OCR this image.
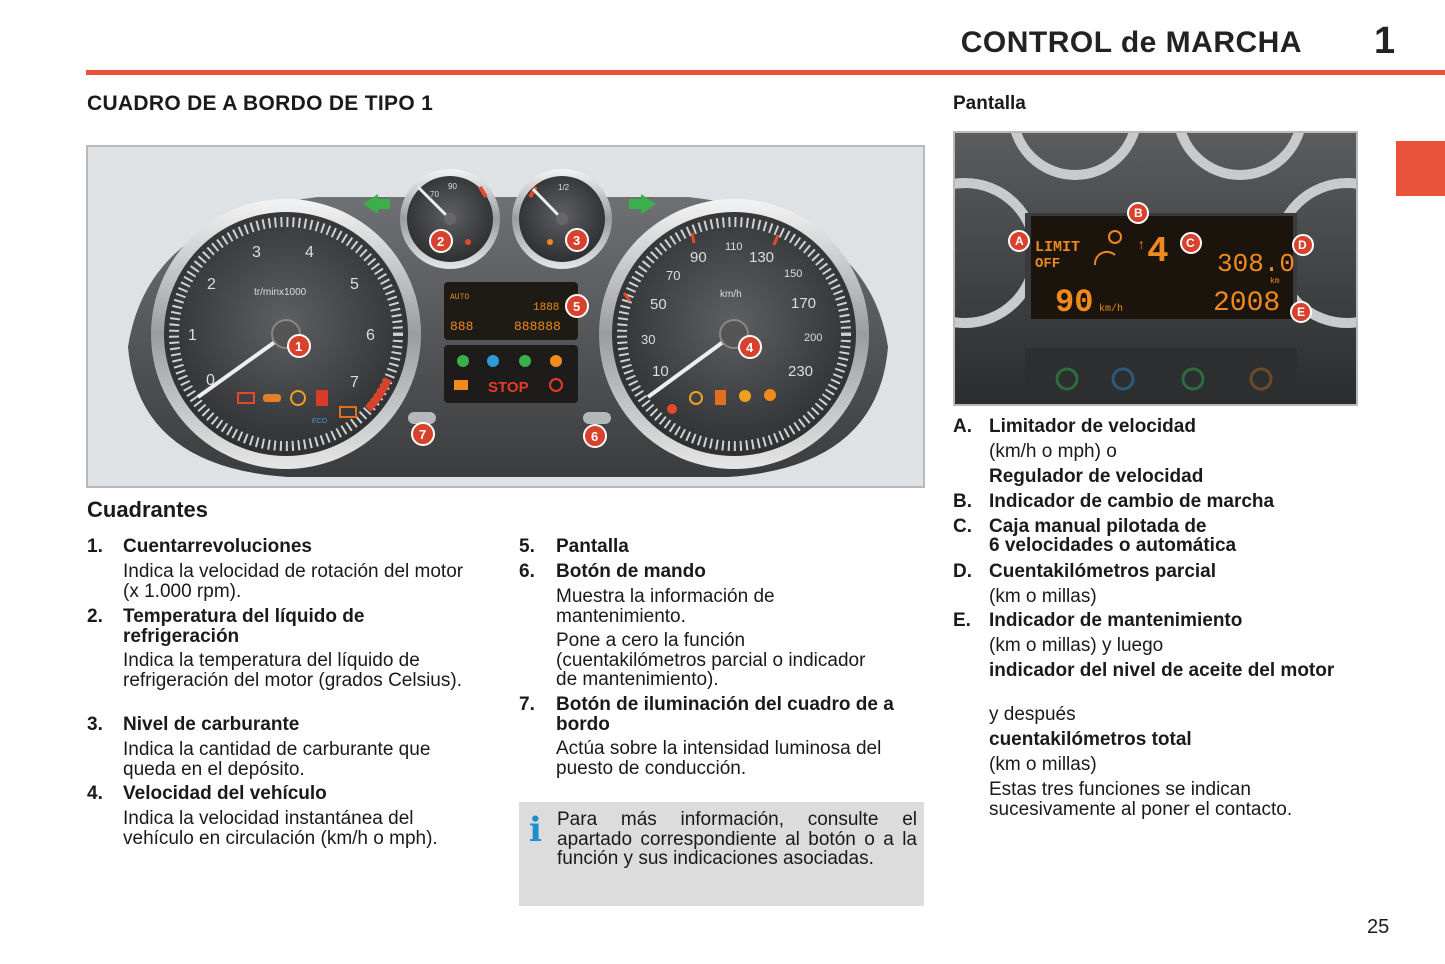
CONTROL de MARCHA 1
CUADRO DE A BORDO DE TIPO 1	Pantalla
tr/minx1000
0
1
2
3	4
5
6
7
ECO
km/h
10
30
50
70
90
110
130
150
170
200
230
70
90	1/2
AUTO
1888
888	888888
STOP
1
2	3
4
5
6
7
LIMIT
OFF
↑ 4 308.0
km
90 km/h	2008
A
B
C	D
E
Cuadrantes
1. Cuentarrevoluciones
Indica la velocidad de rotación del motor (x 1.000 rpm).
2. Temperatura del líquido de refrigeración
Indica la temperatura del líquido de refrigeración del motor (grados Celsius).
3. Nivel de carburante
Indica la cantidad de carburante que queda en el depósito.
4. Velocidad del vehículo
Indica la velocidad instantánea del vehículo en circulación (km/h o mph).
5. Pantalla
6. Botón de mando
Muestra la información de mantenimiento.
Pone a cero la función (cuentakilómetros parcial o indicador de mantenimiento).
7. Botón de iluminación del cuadro de a bordo
Actúa sobre la intensidad luminosa del puesto de conducción.
i Para más información, consulte el apartado correspondiente al botón o a la función y sus indicaciones asociadas.
A. Limitador de velocidad
(km/h o mph) o
Regulador de velocidad
B. Indicador de cambio de marcha
C. Caja manual pilotada de
6 velocidades o automática
D. Cuentakilómetros parcial
(km o millas)
E. Indicador de mantenimiento
(km o millas) y luego
indicador del nivel de aceite del motor
y después
cuentakilómetros total
(km o millas)
Estas tres funciones se indican sucesivamente al poner el contacto.
25
